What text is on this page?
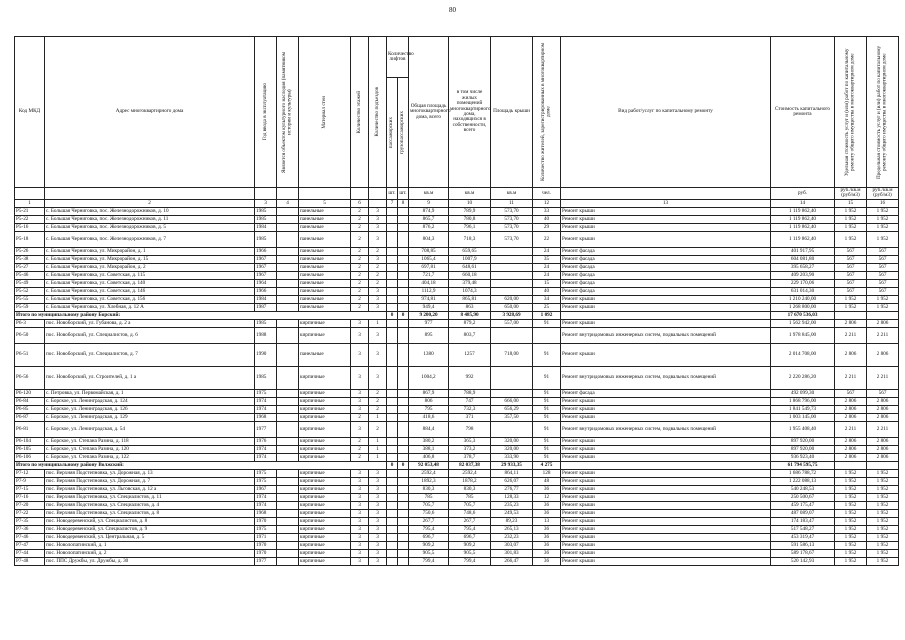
80
Код МКД	Адрес многоквартирного дома	Год ввода в эксплуатацию	Является объектом культурного наследия (памятником истории и культуры)	Материал стен	Количество этажей	Количество подъездов	Количество лифтов		Общая площадь многоквартирного дома, всего	в том числе жилых помещений многоквартирного дома, находящихся в собственности, всего	Площадь крыши	Количество жителей, зарегистрированных в многоквартирном доме	Вид работ/услуг по капитальному ремонту	Стоимость капитального ремонта	Удельная стоимость услуг и (или) работ по капитальному ремонту общего имущества в многоквартирном доме	Предельная стоимость услуг и (или) работ по капитальному ремонту общего имущества в многоквартирном доме

							пассажирских	грузопассажирских								

							шт.	шт.	кв.м	кв.м	кв.м	чел.		руб.	руб./кв.м (руб/м3)	руб./кв.м (руб/м3)
1	2	3	4	5	6		7	8	9	10	11	12	13	14	15	16
P5-21	с. Большая Черниговка, пос. Железнодорожников, д. 10	1985		панельные	2	3			874,9	789,9	573,70	33	Ремонт крыши	1 119 862,40	1 952	1 952
P5-22	с. Большая Черниговка, пос. Железнодорожников, д. 11	1985		панельные	2	3			865,7	780,8	573,70	40	Ремонт крыши	1 119 862,40	1 952	1 952
P5-16	с. Большая Черниговка, пос. Железнодорожников, д. 5	1984		панельные	2	3			876,2	796,1	573,70	29	Ремонт крыши	1 119 862,40	1 952	1 952
P5-18	с. Большая Черниговка, пос. Железнодорожников, д. 7	1985		панельные	2	3			804,3	718,3	573,70	22	Ремонт крыши	1 119 862,40	1 952	1 952
P5-26	с. Большая Черниговка, ул. Микрорайон, д. 1	1966		панельные	2	2			708,85	659,65		24	Ремонт фасада	401 917,95	567	567
P5-38	с. Большая Черниговка, ул. Микрорайон, д. 15	1967		панельные	2	3			1065,4	1007,9		35	Ремонт фасада	604 081,80	567	567
P5-27	с. Большая Черниговка, ул. Микрорайон, д. 2	1967		панельные	2	2			697,81	648,61		24	Ремонт фасада	395 658,27	567	567
P5-46	с. Большая Черниговка, ул. Советская, д. 115	1967		панельные	2	2			721,7	660,18		24	Ремонт фасада	409 203,90	567	567
P5-49	с. Большая Черниговка, ул. Советская, д. 140	1964		панельные	2	2			404,18	379,48		15	Ремонт фасада	229 170,06	567	567
P5-52	с. Большая Черниговка, ул. Советская, д. 146	1966		панельные	2	3			1112,9	1074,3		40	Ремонт фасада	631 014,30	567	567
P5-55	с. Большая Черниговка, ул. Советская, д. 156	1984		панельные	2	3			974,81	865,81	620,00	34	Ремонт крыши	1 210 240,00	1 952	1 952
P5-59	с. Большая Черниговка, ул. Хлебная, д. 12 А	1987		панельные	2	3			949,4	863	650,00	25	Ремонт крыши	1 268 800,00	1 952	1 952
Итого по муниципальному району Борский:							0	0	9 200,20	8 485,90	3 928,69	1 092		17 670 536,03		
P6-3	пос. Новоборский, ул. Губанова, д. 2 а	1985		кирпичные	3	1			977	879,2	557,00	91	Ремонт крыши	1 562 942,00	2 806	2 806
P6-50	пос. Новоборский, ул. Специалистов, д. 6	1988		кирпичные	3	3			895	803,7			Ремонт внутридомовых инженерных систем, подвальных помещений	1 978 845,00	2 211	2 211
P6-51	пос. Новоборский, ул. Специалистов, д. 7	1990		панельные	3	3			1380	1257	718,00	91	Ремонт крыши	2 014 708,00	2 806	2 806
P6-56	пос. Новоборский, ул. Строителей, д. 1 а	1985		кирпичные	3	3			1004,2	992		91	Ремонт внутридомовых инженерных систем, подвальных помещений	2 220 286,20	2 211	2 211
P6-120	с. Петровка, ул. Первомайская, д. 1	1975		кирпичные	3	2			867,9	788,9		91	Ремонт фасада	492 099,30	567	567
P6-84	с. Борское, ул. Ленинградская, д. 124	1974		кирпичные	3	2			806	747	666,00	91	Ремонт крыши	1 868 796,00	2 806	2 806
P6-85	с. Борское, ул. Ленинградская, д. 126	1974		кирпичные	3	2			795	732,3	656,29	91	Ремонт крыши	1 841 549,73	2 806	2 806
P6-87	с. Борское, ул. Ленинградская, д. 129	1968		кирпичные	2	1			418,6	371	357,50	91	Ремонт крыши	1 003 145,00	2 806	2 806
P6-81	с. Борское, ул. Ленинградская, д. 54	1977		кирпичные	3	2			884,4	798		91	Ремонт внутридомовых инженерных систем, подвальных помещений	1 955 408,40	2 211	2 211
P6-104	с. Борское, ул. Степана Разина, д. 118	1976		кирпичные	2	1			380,2	365,3	320,00	91	Ремонт крыши	897 920,00	2 806	2 806
P6-105	с. Борское, ул. Степана Разина, д. 120	1974		кирпичные	2	1			388,1	373,2	320,00	91	Ремонт крыши	897 920,00	2 806	2 806
P6-106	с. Борское, ул. Степана Разина, д. 122	1974		кирпичные	2	1			406,8	378,7	333,90	91	Ремонт крыши	936 923,40	2 806	2 806
Итого по муниципальному району Волжский:							0	0	92 053,48	82 037,38	29 933,35	4 275		61 794 595,75		
P7-12	пос. Верхняя Подстепновка, ул. Дорожная, д. 13	1975		кирпичные	3	3			2592,4	2592,4	864,11	128	Ремонт крыши	1 686 788,72	1 952	1 952
P7-9	пос. Верхняя Подстепновка, ул. Дорожная, д. 7	1975		кирпичные	3	3			1892,3	1878,2	626,07	48	Ремонт крыши	1 222 088,13	1 952	1 952
P7-15	пос. Верхняя Подстепновка, ул. Льговская, д. 12 а	1967		кирпичные	3	3			830,3	830,3	276,77	36	Ремонт крыши	540 248,53	1 952	1 952
P7-16	пос. Верхняя Подстепновка, ул. Специалистов, д. 11	1974		кирпичные	3	3			785	785	128,33	12	Ремонт крыши	250 500,67	1 952	1 952
P7-20	пос. Верхняя Подстепновка, ул. Специалистов, д. 4	1974		кирпичные	3	3			705,7	705,7	235,23	36	Ремонт крыши	459 175,47	1 952	1 952
P7-22	пос. Верхняя Подстепновка, ул. Специалистов, д. 8	1968		кирпичные	3	3			750,6	748,6	249,53	36	Ремонт крыши	487 089,07	1 952	1 952
P7-35	пос. Новодеревенский, ул. Специалистов, д. 8	1970		кирпичные	3	3			267,7	267,7	89,23	13	Ремонт крыши	174 183,47	1 952	1 952
P7-36	пос. Новодеревенский, ул. Специалистов, д. 9	1975		кирпичные	3	3			795,4	795,4	265,13	36	Ремонт крыши	517 548,27	1 952	1 952
P7-46	пос. Новодеревенский, ул. Центральная, д. 5	1971		кирпичные	3	3			696,7	696,7	232,23	36	Ремонт крыши	453 319,47	1 952	1 952
P7-47	пос. Новолопатинский, д. 1	1970		кирпичные	3	3			909,2	909,2	303,07	36	Ремонт крыши	591 586,13	1 952	1 952
P7-44	пос. Новолопатинский, д. 2	1970		кирпичные	3	3			905,5	905,5	301,83	36	Ремонт крыши	589 178,67	1 952	1 952
P7-48	пос. ППС Дружбы, ул. Дружбы, д. 30	1977		кирпичные	3	3			799,4	799,4	266,47	36	Ремонт крыши	520 142,93	1 952	1 952
